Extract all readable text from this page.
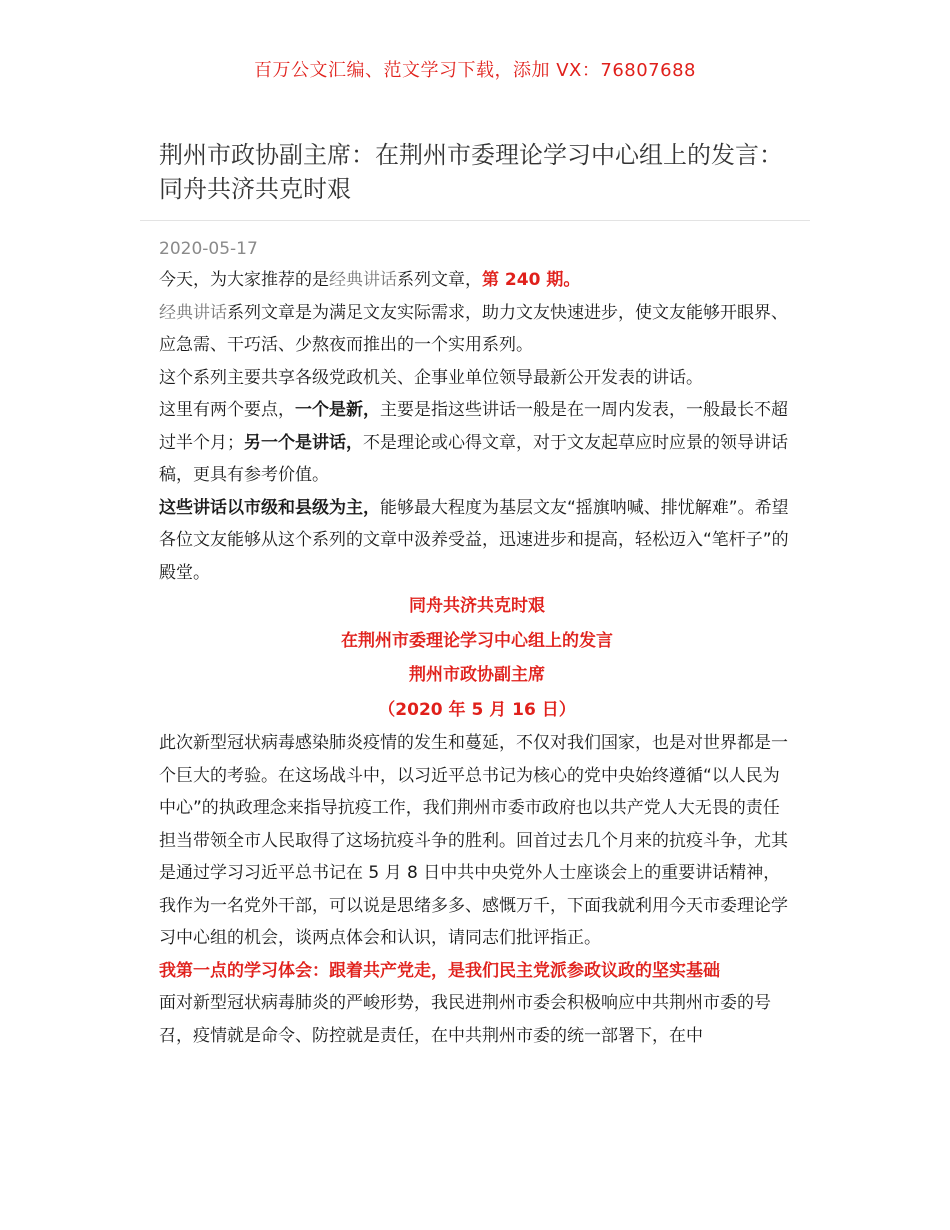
百万公文汇编、范文学习下载，添加 VX：76807688
荆州市政协副主席：在荆州市委理论学习中心组上的发言：同舟共济共克时艰
2020-05-17

今天，为大家推荐的是经典讲话系列文章，第 240 期。

经典讲话系列文章是为满足文友实际需求，助力文友快速进步，使文友能够开眼界、应急需、干巧活、少熬夜而推出的一个实用系列。

这个系列主要共享各级党政机关、企事业单位领导最新公开发表的讲话。

这里有两个要点，一个是新，主要是指这些讲话一般是在一周内发表，一般最长不超过半个月；另一个是讲话，不是理论或心得文章，对于文友起草应时应景的领导讲话稿，更具有参考价值。

这些讲话以市级和县级为主，能够最大程度为基层文友“摇旗呐喊、排忧解难”。希望各位文友能够从这个系列的文章中汲养受益，迅速进步和提高，轻松迈入“笔杆子”的殿堂。

同舟共济共克时艰

在荆州市委理论学习中心组上的发言

荆州市政协副主席

（2020 年 5 月 16 日）

此次新型冠状病毒感染肺炎疫情的发生和蔓延，不仅对我们国家，也是对世界都是一个巨大的考验。在这场战斗中，以习近平总书记为核心的党中央始终遵循“以人民为中心”的执政理念来指导抗疫工作，我们荆州市委市政府也以共产党人大无畏的责任担当带领全市人民取得了这场抗疫斗争的胜利。回首过去几个月来的抗疫斗争，尤其是通过学习习近平总书记在 5 月 8 日中共中央党外人士座谈会上的重要讲话精神，我作为一名党外干部，可以说是思绪多多、感慨万千，下面我就利用今天市委理论学习中心组的机会，谈两点体会和认识，请同志们批评指正。

我第一点的学习体会：跟着共产党走，是我们民主党派参政议政的坚实基础

面对新型冠状病毒肺炎的严峻形势，我民进荆州市委会积极响应中共荆州市委的号召，疫情就是命令、防控就是责任，在中共荆州市委的统一部署下，在中
